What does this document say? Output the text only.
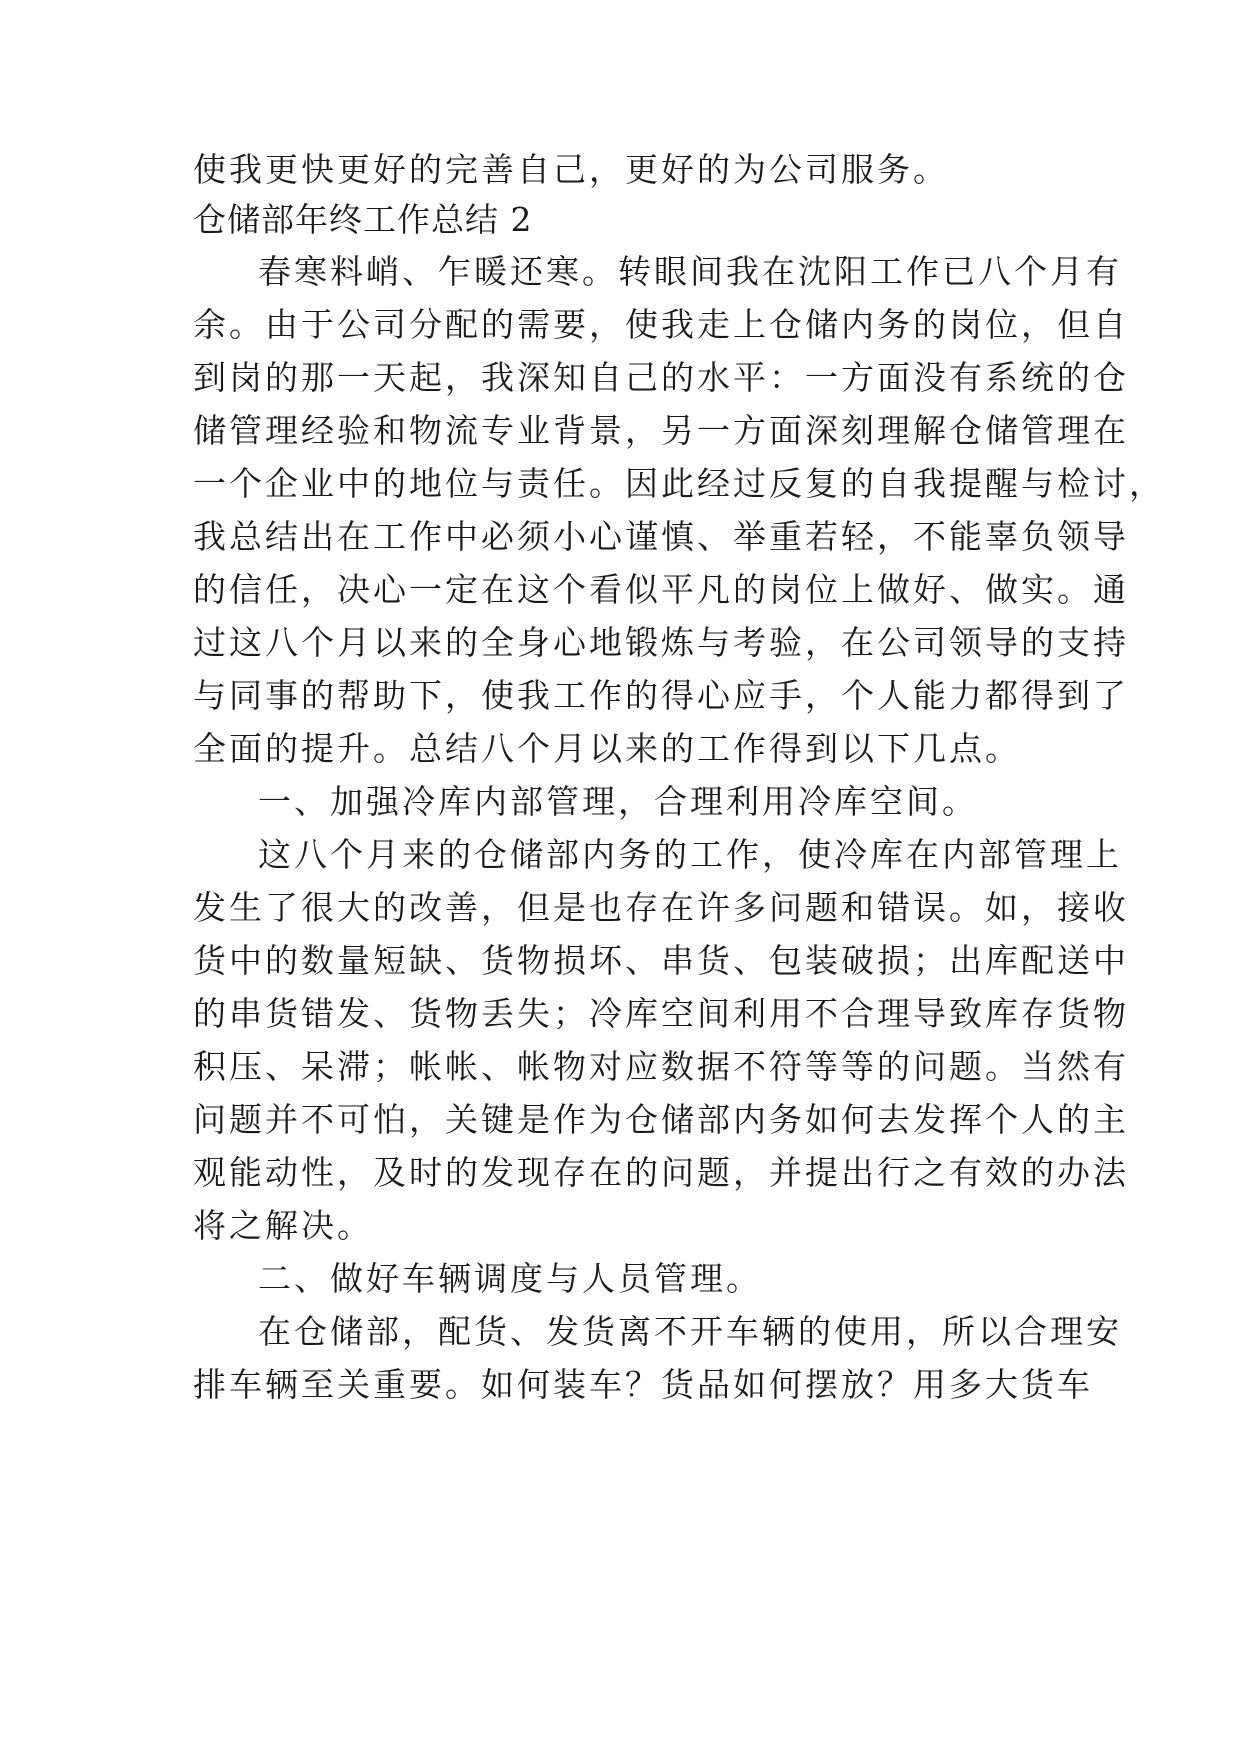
使我更快更好的完善自己，更好的为公司服务。
仓储部年终工作总结 2
春寒料峭、乍暖还寒。转眼间我在沈阳工作已八个月有
余。由于公司分配的需要，使我走上仓储内务的岗位，但自
到岗的那一天起，我深知自己的水平：一方面没有系统的仓
储管理经验和物流专业背景，另一方面深刻理解仓储管理在
一个企业中的地位与责任。因此经过反复的自我提醒与检讨，
我总结出在工作中必须小心谨慎、举重若轻，不能辜负领导
的信任，决心一定在这个看似平凡的岗位上做好、做实。通
过这八个月以来的全身心地锻炼与考验，在公司领导的支持
与同事的帮助下，使我工作的得心应手，个人能力都得到了
全面的提升。总结八个月以来的工作得到以下几点。
一、加强冷库内部管理，合理利用冷库空间。
这八个月来的仓储部内务的工作，使冷库在内部管理上
发生了很大的改善，但是也存在许多问题和错误。如，接收
货中的数量短缺、货物损坏、串货、包装破损；出库配送中
的串货错发、货物丢失；冷库空间利用不合理导致库存货物
积压、呆滞；帐帐、帐物对应数据不符等等的问题。当然有
问题并不可怕，关键是作为仓储部内务如何去发挥个人的主
观能动性，及时的发现存在的问题，并提出行之有效的办法
将之解决。
二、做好车辆调度与人员管理。
在仓储部，配货、发货离不开车辆的使用，所以合理安
排车辆至关重要。如何装车？货品如何摆放？用多大货车
